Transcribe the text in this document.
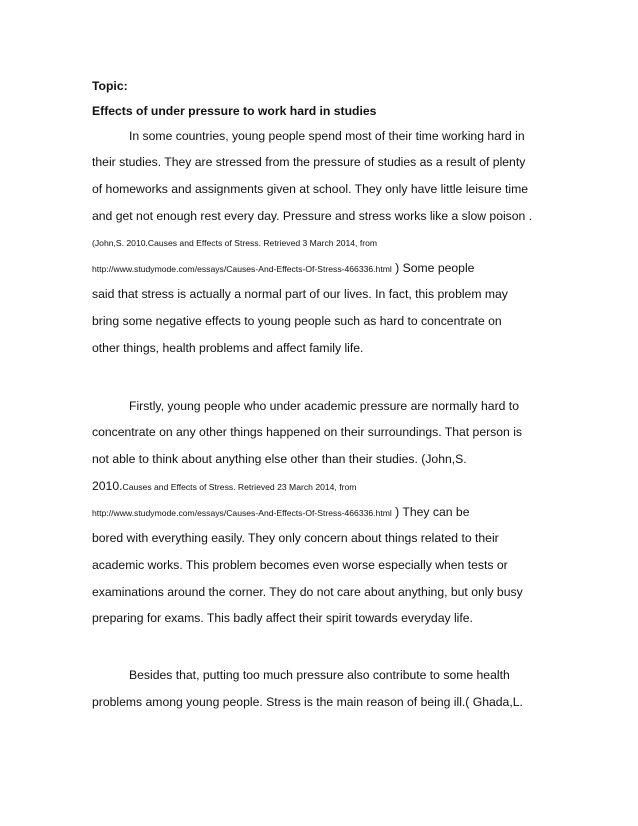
Topic:
Effects of under pressure to work hard in studies
In some countries, young people spend most of their time working hard in
their studies. They are stressed from the pressure of studies as a result of plenty
of homeworks and assignments given at school. They only have little leisure time
and get not enough rest every day. Pressure and stress works like a slow poison .
(John,S. 2010.Causes and Effects of Stress. Retrieved 3 March 2014, from
http://www.studymode.com/essays/Causes-And-Effects-Of-Stress-466336.html ) Some people
said that stress is actually a normal part of our lives. In fact, this problem may
bring some negative effects to young people such as hard to concentrate on
other things, health problems and affect family life.
Firstly, young people who under academic pressure are normally hard to
concentrate on any other things happened on their surroundings. That person is
not able to think about anything else other than their studies. (John,S.
2010.Causes and Effects of Stress. Retrieved 23 March 2014, from
http://www.studymode.com/essays/Causes-And-Effects-Of-Stress-466336.html ) They can be
bored with everything easily. They only concern about things related to their
academic works. This problem becomes even worse especially when tests or
examinations around the corner. They do not care about anything, but only busy
preparing for exams. This badly affect their spirit towards everyday life.
Besides that, putting too much pressure also contribute to some health
problems among young people. Stress is the main reason of being ill.( Ghada,L.
